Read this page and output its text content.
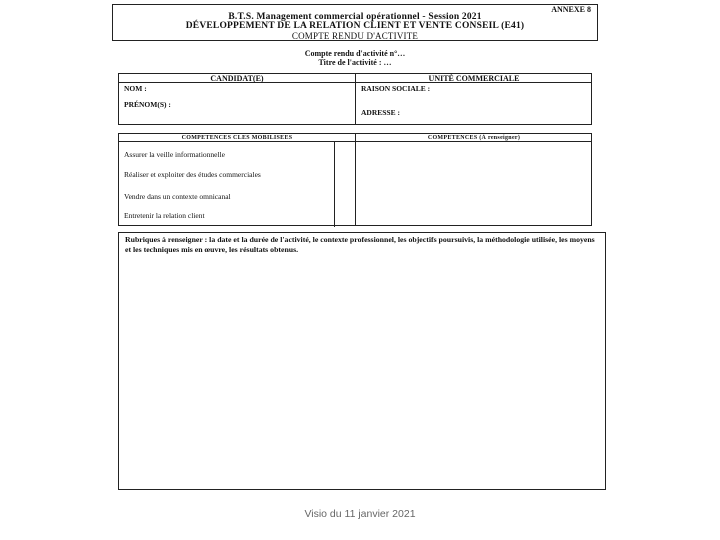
ANNEXE 8
B.T.S. Management commercial opérationnel - Session 2021
DÉVELOPPEMENT DE LA RELATION CLIENT ET VENTE CONSEIL (E41)
COMPTE RENDU D'ACTIVITE
Compte rendu d'activité n°…
Titre de l'activité : …
CANDIDAT(E)	UNITÉ COMMERCIALE
NOM :
PRÉNOM(S) :
RAISON SOCIALE :
ADRESSE :
COMPETENCES CLES MOBILISEES	COMPETENCES (À renseigner)
Assurer la veille informationnelle
Réaliser et exploiter des études commerciales
Vendre dans un contexte omnicanal
Entretenir la relation client
Rubriques à renseigner : la date et la durée de l'activité, le contexte professionnel, les objectifs poursuivis, la méthodologie utilisée, les moyens et les techniques mis en œuvre, les résultats obtenus.
Visio du 11 janvier 2021
